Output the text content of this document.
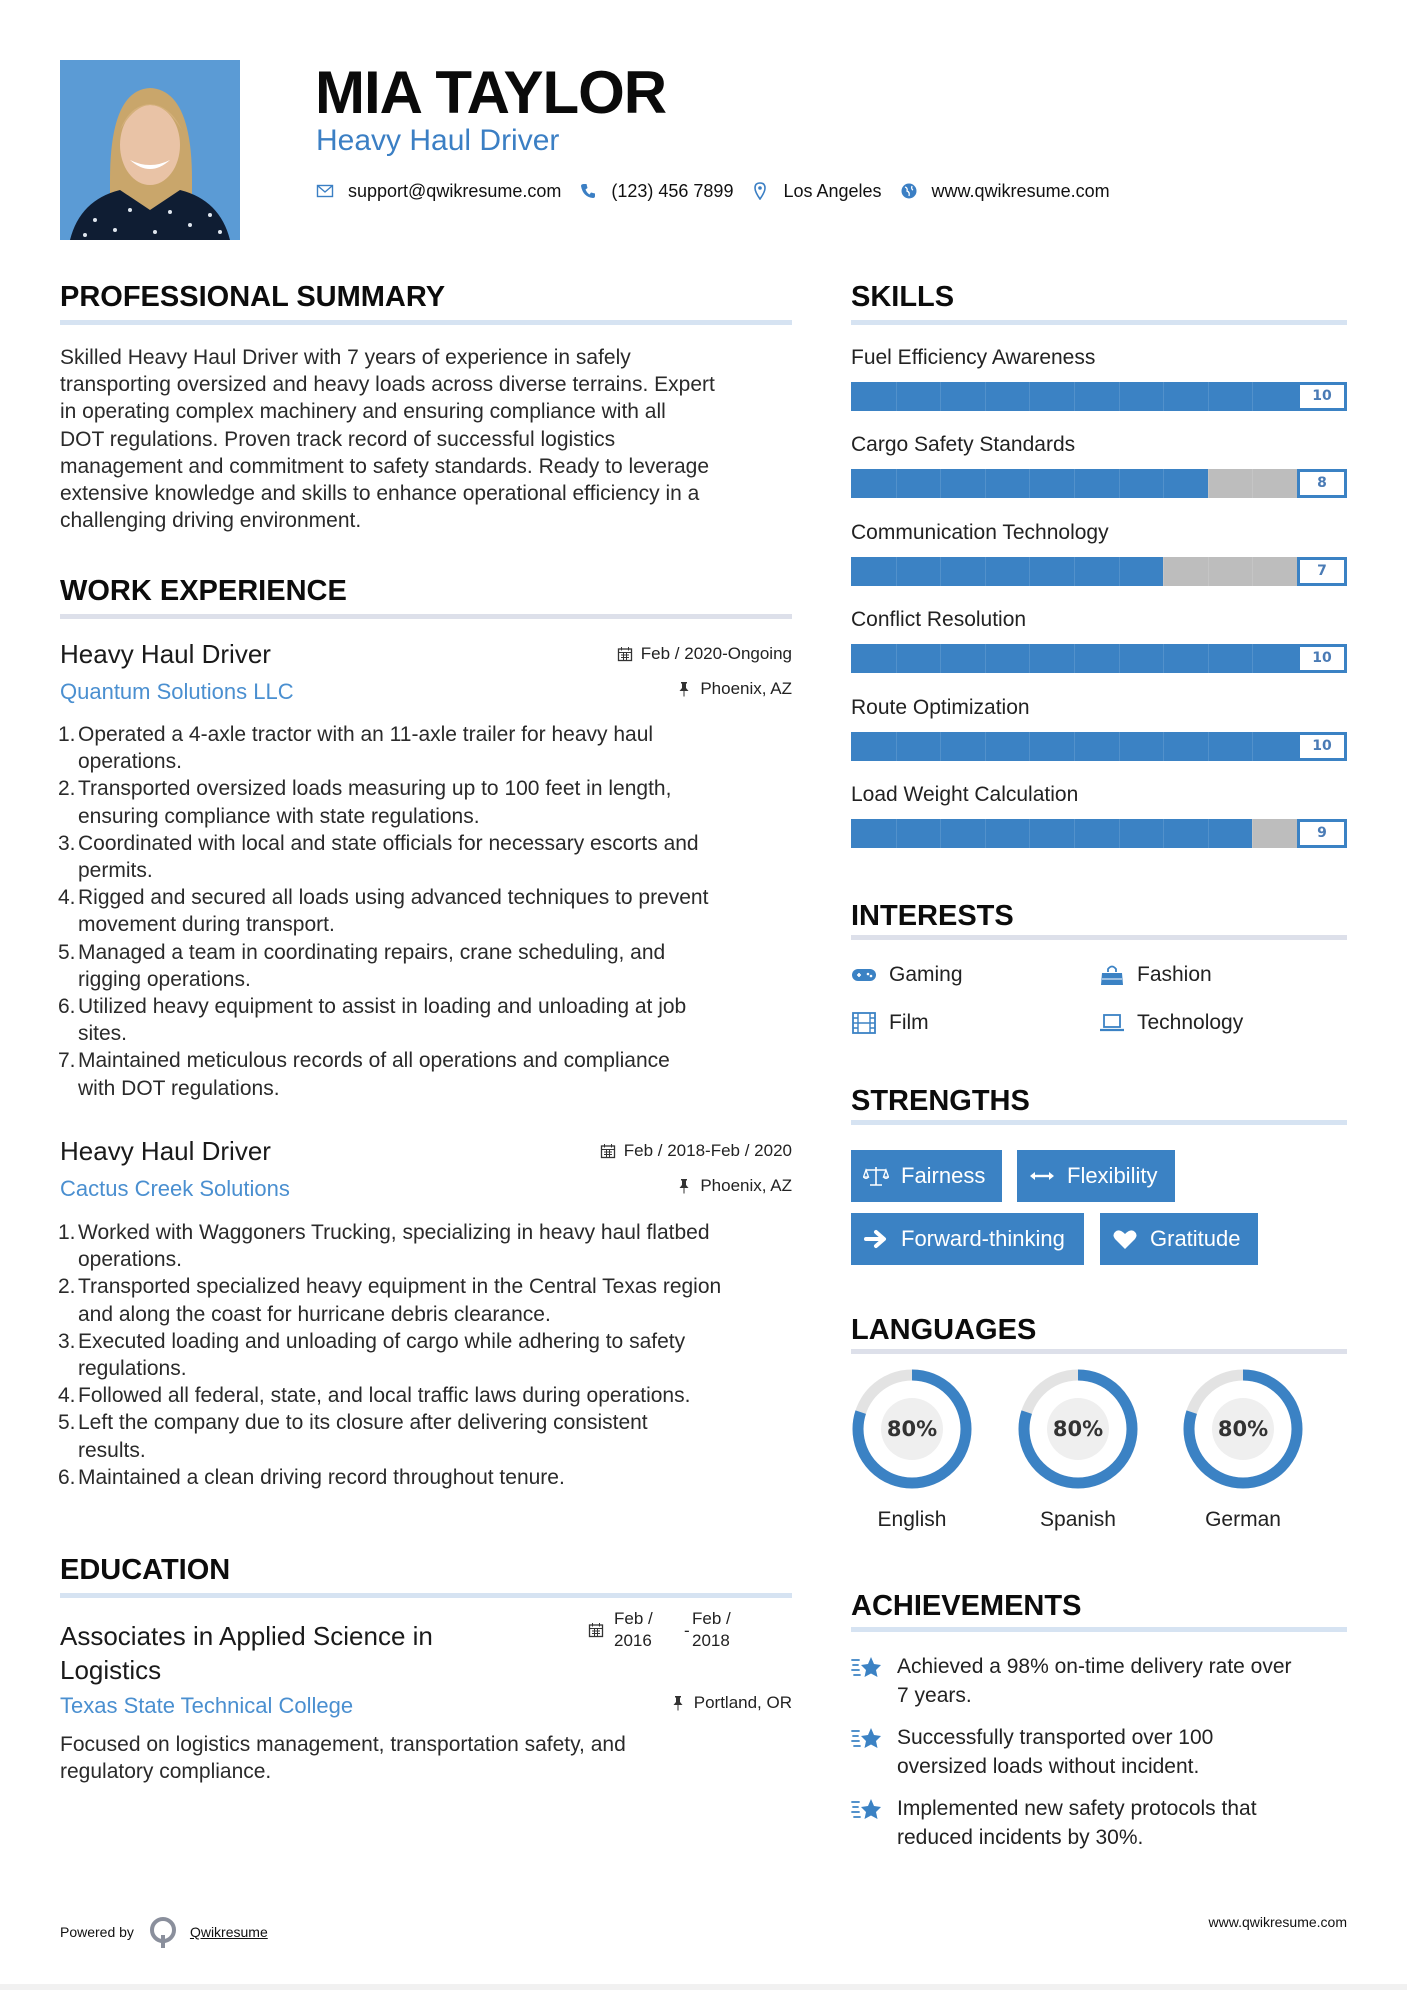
MIA TAYLOR
Heavy Haul Driver
support@qwikresume.com	(123) 456 7899	Los Angeles	www.qwikresume.com
PROFESSIONAL SUMMARY
Skilled Heavy Haul Driver with 7 years of experience in safely
transporting oversized and heavy loads across diverse terrains. Expert
in operating complex machinery and ensuring compliance with all
DOT regulations. Proven track record of successful logistics
management and commitment to safety standards. Ready to leverage
extensive knowledge and skills to enhance operational efficiency in a
challenging driving environment.
WORK EXPERIENCE
Heavy Haul Driver
Quantum Solutions LLC
Feb / 2020-Ongoing
Phoenix, AZ
1. Operated a 4-axle tractor with an 11-axle trailer for heavy haul
operations.
2. Transported oversized loads measuring up to 100 feet in length,
ensuring compliance with state regulations.
3. Coordinated with local and state officials for necessary escorts and
permits.
4. Rigged and secured all loads using advanced techniques to prevent
movement during transport.
5. Managed a team in coordinating repairs, crane scheduling, and
rigging operations.
6. Utilized heavy equipment to assist in loading and unloading at job
sites.
7. Maintained meticulous records of all operations and compliance
with DOT regulations.
Heavy Haul Driver
Cactus Creek Solutions
Feb / 2018-Feb / 2020
Phoenix, AZ
1. Worked with Waggoners Trucking, specializing in heavy haul flatbed
operations.
2. Transported specialized heavy equipment in the Central Texas region
and along the coast for hurricane debris clearance.
3. Executed loading and unloading of cargo while adhering to safety
regulations.
4. Followed all federal, state, and local traffic laws during operations.
5. Left the company due to its closure after delivering consistent
results.
6. Maintained a clean driving record throughout tenure.
EDUCATION
Associates in Applied Science in
Logistics
Texas State Technical College
Feb /
2016
-
Feb /
2018
Portland, OR
Focused on logistics management, transportation safety, and
regulatory compliance.
SKILLS
Fuel Efficiency Awareness
10
Cargo Safety Standards
8
Communication Technology
7
Conflict Resolution
10
Route Optimization
10
Load Weight Calculation
9
INTERESTS
Gaming	Fashion
Film	Technology
STRENGTHS
Fairness	Flexibility
Forward-thinking	Gratitude
LANGUAGES
80%
English
80%
Spanish
80%
German
ACHIEVEMENTS
Achieved a 98% on-time delivery rate over
7 years.
Successfully transported over 100
oversized loads without incident.
Implemented new safety protocols that
reduced incidents by 30%.
Powered by	Qwikresume
www.qwikresume.com
